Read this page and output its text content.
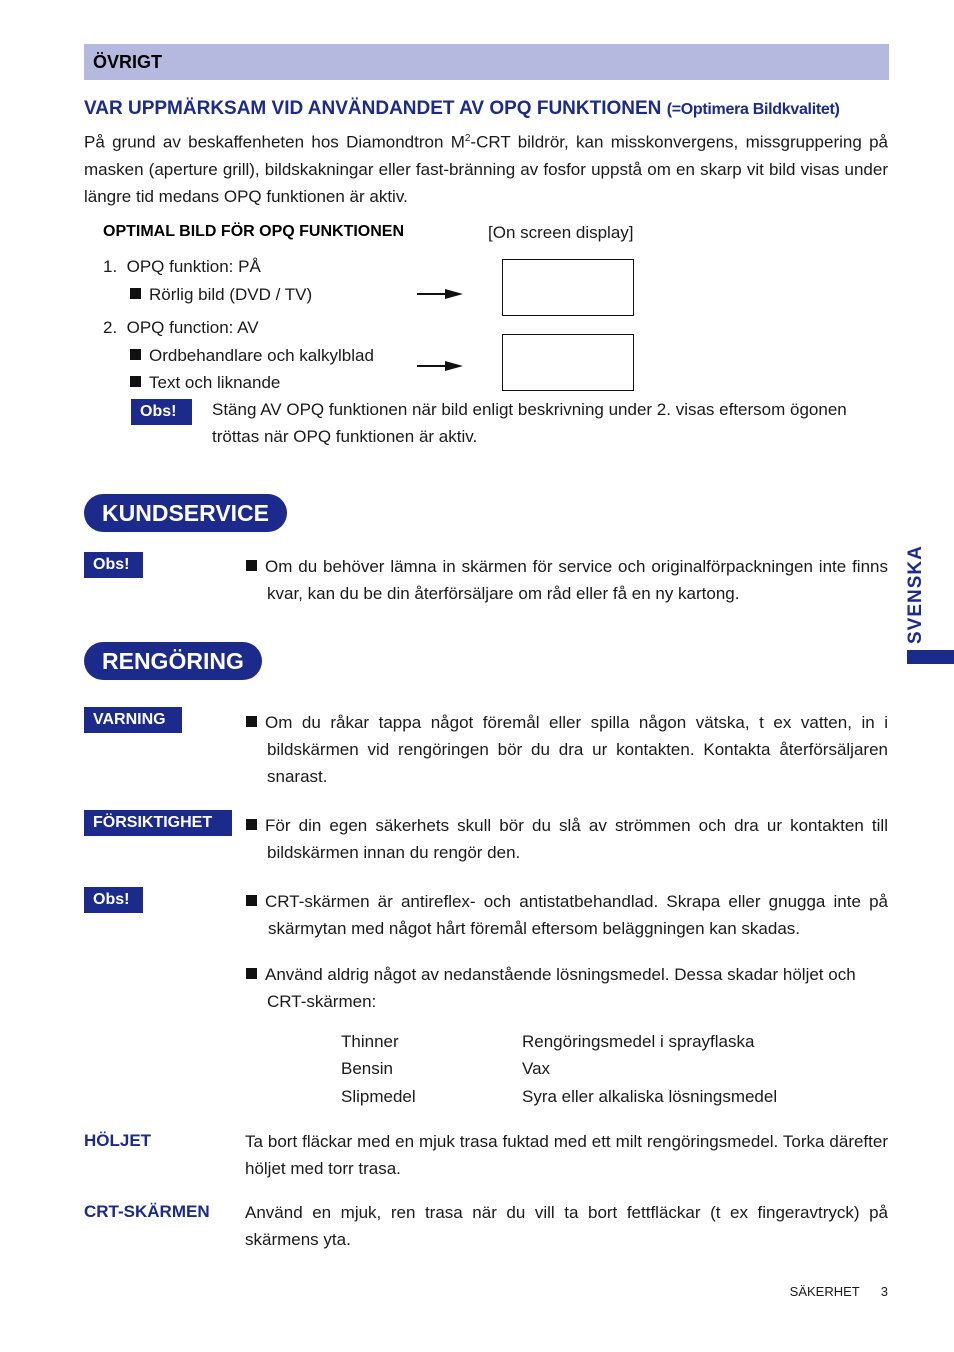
ÖVRIGT
VAR UPPMÄRKSAM VID ANVÄNDANDET AV OPQ FUNKTIONEN (=Optimera Bildkvalitet)
På grund av beskaffenheten hos Diamondtron $M^2$-CRT bildrör, kan misskonvergens, missgruppering på masken (aperture grill), bildskakningar eller fast-bränning av fosfor uppstå om en skarp vit bild visas under längre tid medans OPQ funktionen är aktiv.
OPTIMAL BILD FÖR OPQ FUNKTIONEN	[On screen display]
1.  OPQ funktion: PÅ
Rörlig bild (DVD / TV)
2.  OPQ function: AV
Ordbehandlare och kalkylblad
Text och liknande
Obs!	Stäng AV OPQ funktionen när bild enligt beskrivning under 2. visas eftersom ögonen tröttas när OPQ funktionen är aktiv.
KUNDSERVICE
Obs!	Om du behöver lämna in skärmen för service och originalförpackningen inte finns kvar, kan du be din återförsäljare om råd eller få en ny kartong.	SVENSKA
RENGÖRING
VARNING	Om du råkar tappa något föremål eller spilla någon vätska, t ex vatten, in i bildskärmen vid rengöringen bör du dra ur kontakten. Kontakta återförsäljaren snarast.
FÖRSIKTIGHET	För din egen säkerhets skull bör du slå av strömmen och dra ur kontakten till bildskärmen innan du rengör den.
Obs!	CRT-skärmen är antireflex- och antistatbehandlad. Skrapa eller gnugga inte på skärmytan med något hårt föremål eftersom beläggningen kan skadas.
Använd aldrig något av nedanstående lösningsmedel. Dessa skadar höljet och CRT-skärmen:
Thinner	Rengöringsmedel i sprayflaska
Bensin	Vax
Slipmedel	Syra eller alkaliska lösningsmedel
HÖLJET	Ta bort fläckar med en mjuk trasa fuktad med ett milt rengöringsmedel. Torka därefter höljet med torr trasa.
CRT-SKÄRMEN Använd en mjuk, ren trasa när du vill ta bort fettfläckar (t ex fingeravtryck) på skärmens yta.
SÄKERHET 3
